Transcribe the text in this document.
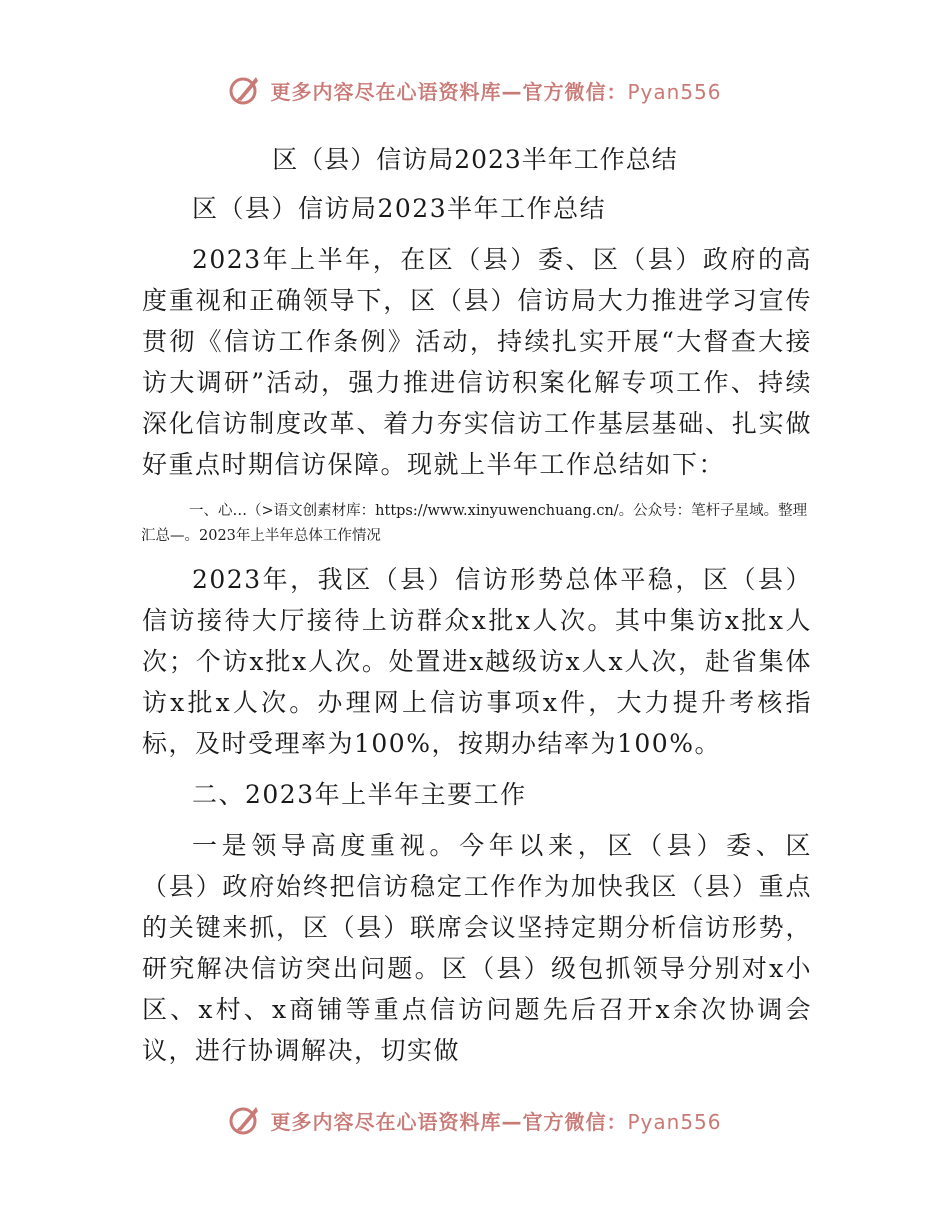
更多内容尽在心语资料库—官方微信：Pyan556
区（县）信访局2023半年工作总结

区（县）信访局2023半年工作总结

2023年上半年，在区（县）委、区（县）政府的高度重视和正确领导下，区（县）信访局大力推进学习宣传贯彻《信访工作条例》活动，持续扎实开展“大督查大接访大调研”活动，强力推进信访积案化解专项工作、持续深化信访制度改革、着力夯实信访工作基层基础、扎实做好重点时期信访保障。现就上半年工作总结如下：

一、心…（>语文创素材库：https://www.xinyuwenchuang.cn/。公众号：笔杆子星域。整理汇总—。2023年上半年总体工作情况

2023年，我区（县）信访形势总体平稳，区（县）信访接待大厅接待上访群众x批x人次。其中集访x批x人次；个访x批x人次。处置进x越级访x人x人次，赴省集体访x批x人次。办理网上信访事项x件，大力提升考核指标，及时受理率为100%，按期办结率为100%。

二、2023年上半年主要工作

一是领导高度重视。今年以来，区（县）委、区（县）政府始终把信访稳定工作作为加快我区（县）重点的关键来抓，区（县）联席会议坚持定期分析信访形势，研究解决信访突出问题。区（县）级包抓领导分别对x小区、x村、x商铺等重点信访问题先后召开x余次协调会议，进行协调解决，切实做

更多内容尽在心语资料库—官方微信：Pyan556
